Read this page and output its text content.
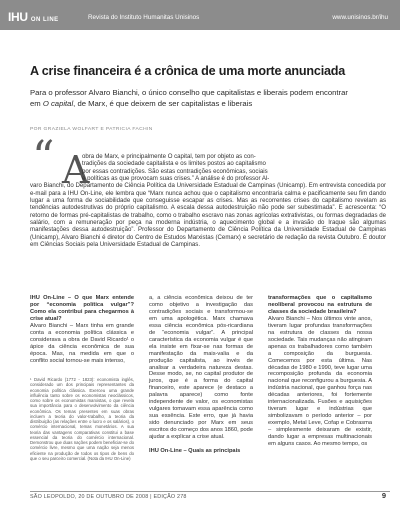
IHU ON LINE	Revista do Instituto Humanitas Unisinos	www.unisinos.br/ihu
A crise financeira é a crônica de uma morte anunciada
Para o professor Alvaro Bianchi, o único conselho que capitalistas e liberais podem encontrar em O capital, de Marx, é que deixem de ser capitalistas e liberais
POR GRAZIELA WOLFART E PATRICIA FACHIN
“ A
obra de Marx, e principalmente O capital, tem por objeto as con-
tradições da sociedade capitalista e os limites postos ao capitalismo
por essas contradições. São estas contradições econômicas, sociais
e políticas as que provocam suas crises.” A análise é do professor Al-
varo Bianchi, do Departamento de Ciência Política da Universidade Estadual de Campinas (Unicamp). Em entrevista concedida por e-mail para a IHU On-Line, ele lembra que “Marx nunca achou que o capitalismo encontraria calma e pacificamente seu fim dando lugar a uma forma de sociabilidade que conseguisse escapar as crises. Mas as recorrentes crises do capitalismo revelam as tendências autodestrutivas do próprio capitalismo. A escala dessa autodestruição não pode ser subestimada”. E acrescenta: “O retorno de formas pré-capitalistas de trabalho, como o trabalho escravo nas zonas agrícolas extrativistas, ou formas degradadas de salário, com a remuneração por peça na moderna indústria, o aquecimento global e a invasão do Iraque são algumas manifestações dessa autodestruição”. Professor do Departamento de Ciência Política da Universidade Estadual de Campinas (Unicamp), Alvaro Bianchi é diretor do Centro de Estudos Marxistas (Cemarx) e secretário de redação da revista Outubro. É doutor em Ciências Sociais pela Universidade Estadual de Campinas.

IHU On-Line – O que Marx entende por “economia política vulgar”? Como ela contribui para chegarmos à crise atual?

Alvaro Bianchi – Marx tinha em grande conta a economia política clássica e considerava a obra de David Ricardo¹ o ápice da ciência econômica de sua época. Mas, na medida em que o conflito social tornou-se mais intenso,

¹ David Ricardo (1772 - 1823): economista inglês, considerado um dos principais representantes da economia política clássica. Exerceu uma grande influência tanto sobre os economistas neoclássicos, como sobre os economistas marxistas, o que revela sua importância para o desenvolvimento da ciência econômica. Os temas presentes em suas obras incluem a teoria do valor-trabalho, a teoria da distribuição (as relações entre o lucro e os salários), o comércio internacional, temas monetários. A sua teoria das vantagens comparativas constitui a base essencial da teoria do comércio internacional. Demonstrou que duas nações podem beneficiar-se do comércio livre, mesmo que uma nação seja menos eficiente na produção de todos os tipos de bens do que o seu parceiro comercial. (Nota da IHU On-Line)

a, a ciência econômica deixou de ter como objetivo a investigação das contradições sociais e transformou-se em uma apologética. Marx chamava essa ciência econômica pós-ricardiana de “economia vulgar”. A principal característica da economia vulgar é que ela insiste em fixar-se nas formas de manifestação da mais-valia e da produção capitalista, ao invés de analisar a verdadeira natureza destas. Desse modo, se, no capital produtor de juros, que é a forma do capital financeiro, este aparece (e destaco a palavra aparece) como fonte independente de valor, os economistas vulgares tomavam essa aparência como sua essência. Este erro, que já havia sido denunciado por Marx em seus escritos do começo dos anos 1860, pode ajudar a explicar a crise atual.

IHU On-Line – Quais as principais

transformações que o capitalismo neoliberal provocou na estrutura de classes da sociedade brasileira?

Alvaro Bianchi – Nos últimos vinte anos, tiveram lugar profundas transformações na estrutura de classes da nossa sociedade. Tais mudanças não atingiram apenas os trabalhadores como também a composição da burguesia. Comecemos por esta última. Nas décadas de 1980 e 1990, teve lugar uma recomposição profunda da economia nacional que reconfigurou a burguesia. A indústria nacional, que ganhou força nas décadas anteriores, foi fortemente internacionalizada. Fusões e aquisições tiveram lugar e indústrias que simbolizavam o período anterior – por exemplo, Metal Leve, Cofap e Cobrasma – simplesmente deixaram de existir, dando lugar a empresas multinacionais em alguns casos. Ao mesmo tempo, os

SÃO LEOPOLDO, 20 DE OUTUBRO DE 2008 | EDIÇÃO 278	9
